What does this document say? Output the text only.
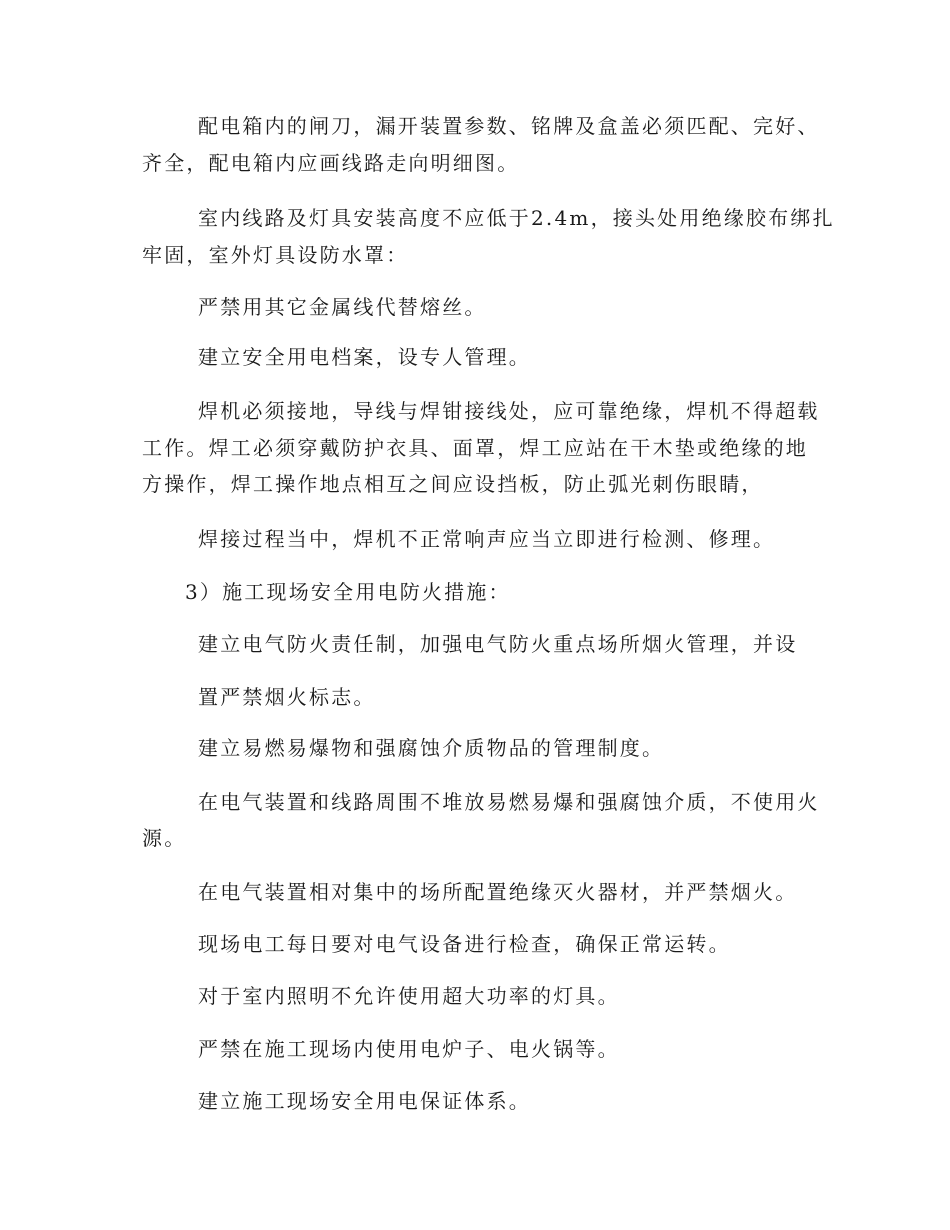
配电箱内的闸刀，漏开装置参数、铭牌及盒盖必须匹配、完好、
齐全，配电箱内应画线路走向明细图。
室内线路及灯具安装高度不应低于2.4m，接头处用绝缘胶布绑扎
牢固，室外灯具设防水罩：
严禁用其它金属线代替熔丝。
建立安全用电档案，设专人管理。
焊机必须接地，导线与焊钳接线处，应可靠绝缘，焊机不得超载
工作。焊工必须穿戴防护衣具、面罩，焊工应站在干木垫或绝缘的地
方操作，焊工操作地点相互之间应设挡板，防止弧光刺伤眼睛，
焊接过程当中，焊机不正常响声应当立即进行检测、修理。
3）施工现场安全用电防火措施：
建立电气防火责任制，加强电气防火重点场所烟火管理，并设
置严禁烟火标志。
建立易燃易爆物和强腐蚀介质物品的管理制度。
在电气装置和线路周围不堆放易燃易爆和强腐蚀介质，不使用火
源。
在电气装置相对集中的场所配置绝缘灭火器材，并严禁烟火。
现场电工每日要对电气设备进行检查，确保正常运转。
对于室内照明不允许使用超大功率的灯具。
严禁在施工现场内使用电炉子、电火锅等。
建立施工现场安全用电保证体系。
